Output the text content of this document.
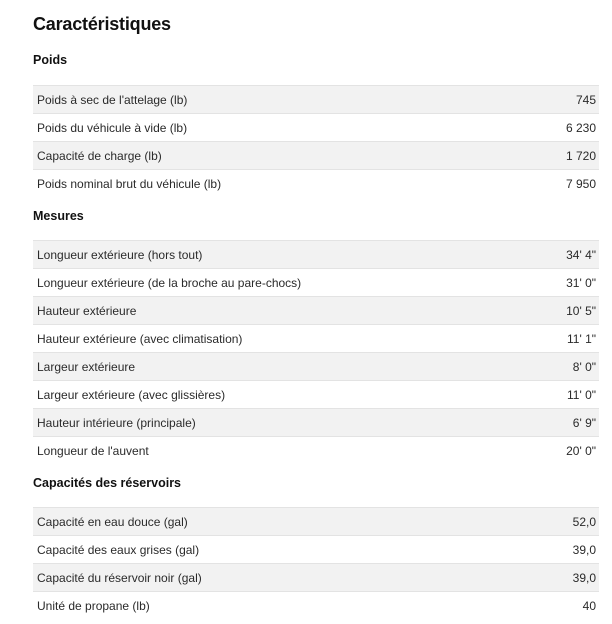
Caractéristiques
Poids
Poids à sec de l'attelage (lb)	745
Poids du véhicule à vide (lb)	6 230
Capacité de charge (lb)	1 720
Poids nominal brut du véhicule (lb)	7 950
Mesures
Longueur extérieure (hors tout)	34' 4"
Longueur extérieure (de la broche au pare-chocs)	31' 0"
Hauteur extérieure	10' 5"
Hauteur extérieure (avec climatisation)	11' 1"
Largeur extérieure	8' 0"
Largeur extérieure (avec glissières)	11' 0"
Hauteur intérieure (principale)	6' 9"
Longueur de l'auvent	20' 0"
Capacités des réservoirs
Capacité en eau douce (gal)	52,0
Capacité des eaux grises (gal)	39,0
Capacité du réservoir noir (gal)	39,0
Unité de propane (lb)	40
